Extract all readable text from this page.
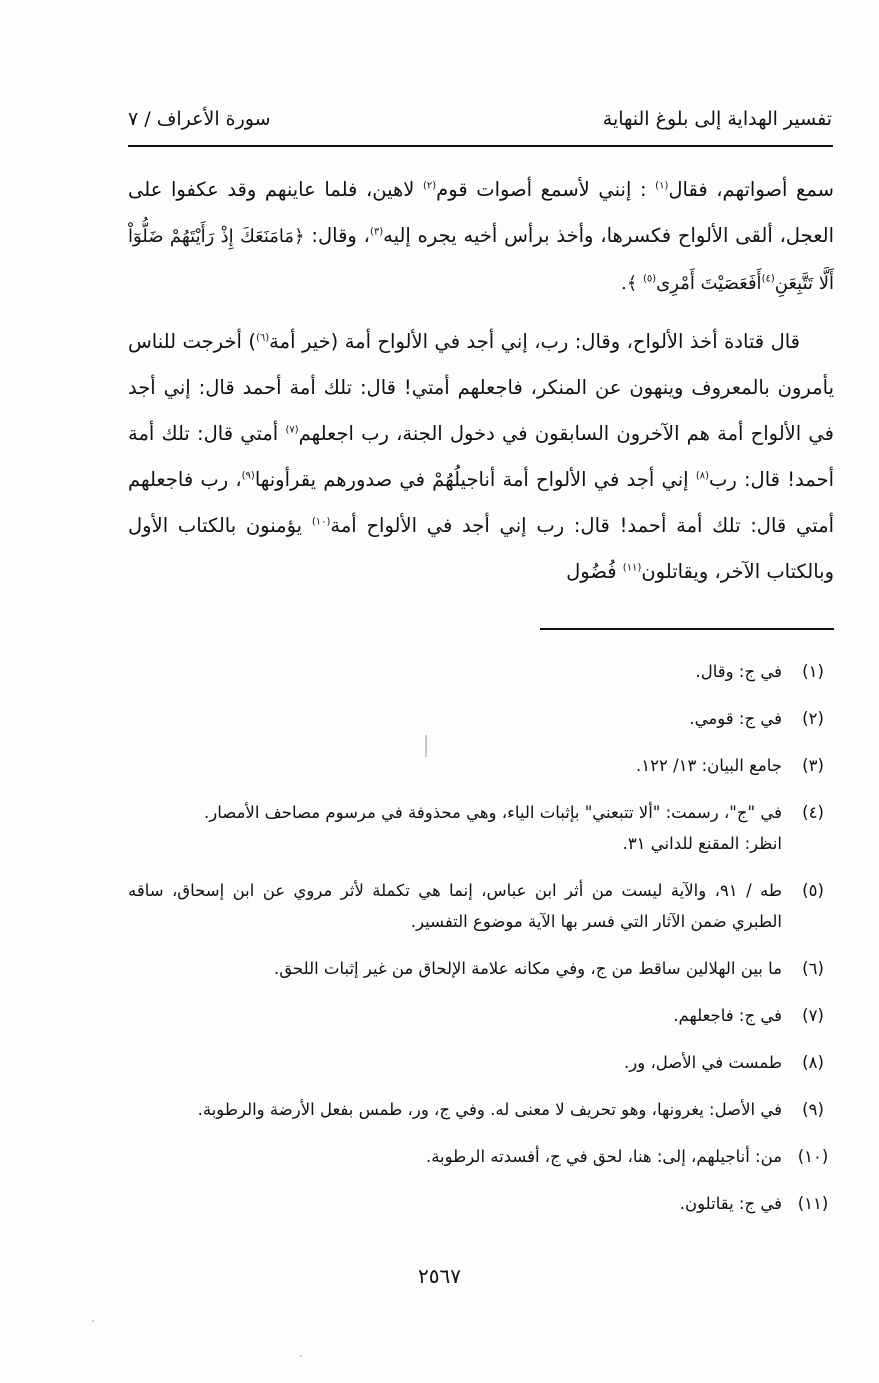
تفسير الهداية إلى بلوغ النهاية
سورة الأعراف / ٧

سمع أصواتهم، فقال$^{(١)}$ : إنني لأسمع أصوات قوم$^{(٢)}$ لاهين، فلما عاينهم وقد عكفوا على العجل، ألقى الألواح فكسرها، وأخذ برأس أخيه يجره إليه$^{(٣)}$، وقال: ﴿مَامَنَعَكَ إِذْ رَأَيْتَهُمْ ضَلُّوٓاْ أَلَّا تَتَّبِعَنِ$^{(٤)}$أَفَعَصَيْتَ أَمْرِى$^{(٥)}$ ﴾.

قال قتادة أخذ الألواح، وقال: رب، إني أجد في الألواح أمة (خير أمة$^{(٦)}$) أخرجت للناس يأمرون بالمعروف وينهون عن المنكر، فاجعلهم أمتي! قال: تلك أمة أحمد قال: إني أجد في الألواح أمة هم الآخرون السابقون في دخول الجنة، رب اجعلهم$^{(٧)}$ أمتي قال: تلك أمة أحمد! قال: رب$^{(٨)}$ إني أجد في الألواح أمة أناجيلُهُمْ في صدورهم يقرأونها$^{(٩)}$، رب فاجعلهم أمتي قال: تلك أمة أحمد! قال: رب إني أجد في الألواح أمة$^{(١٠)}$ يؤمنون بالكتاب الأول وبالكتاب الآخر، ويقاتلون$^{(١١)}$ فُضُول

(١)
في ج: وقال.
(٢)
في ج: قومي.
(٣)
جامع البيان: ١٣/ ١٢٢.
(٤)
في "ج"، رسمت: "ألا تتبعني" بإثبات الياء، وهي محذوفة في مرسوم مصاحف الأمصار.
انظر: المقنع للداني ٣١.
(٥)
طه / ٩١، والآية ليست من أثر ابن عباس، إنما هي تكملة لأثر مروي عن ابن إسحاق، ساقه الطبري ضمن الآثار التي فسر بها الآية موضوع التفسير.
(٦)
ما بين الهلالين ساقط من ج، وفي مكانه علامة الإلحاق من غير إثبات اللحق.
(٧)
في ج: فاجعلهم.
(٨)
طمست في الأصل، ور.
(٩)
في الأصل: يغرونها، وهو تحريف لا معنى له. وفي ج، ور، طمس بفعل الأرضة والرطوبة.
(١٠)
من: أناجيلهم، إلى: هنا، لحق في ج، أفسدته الرطوبة.
(١١)
في ج: يقاتلون.
٢٥٦٧
